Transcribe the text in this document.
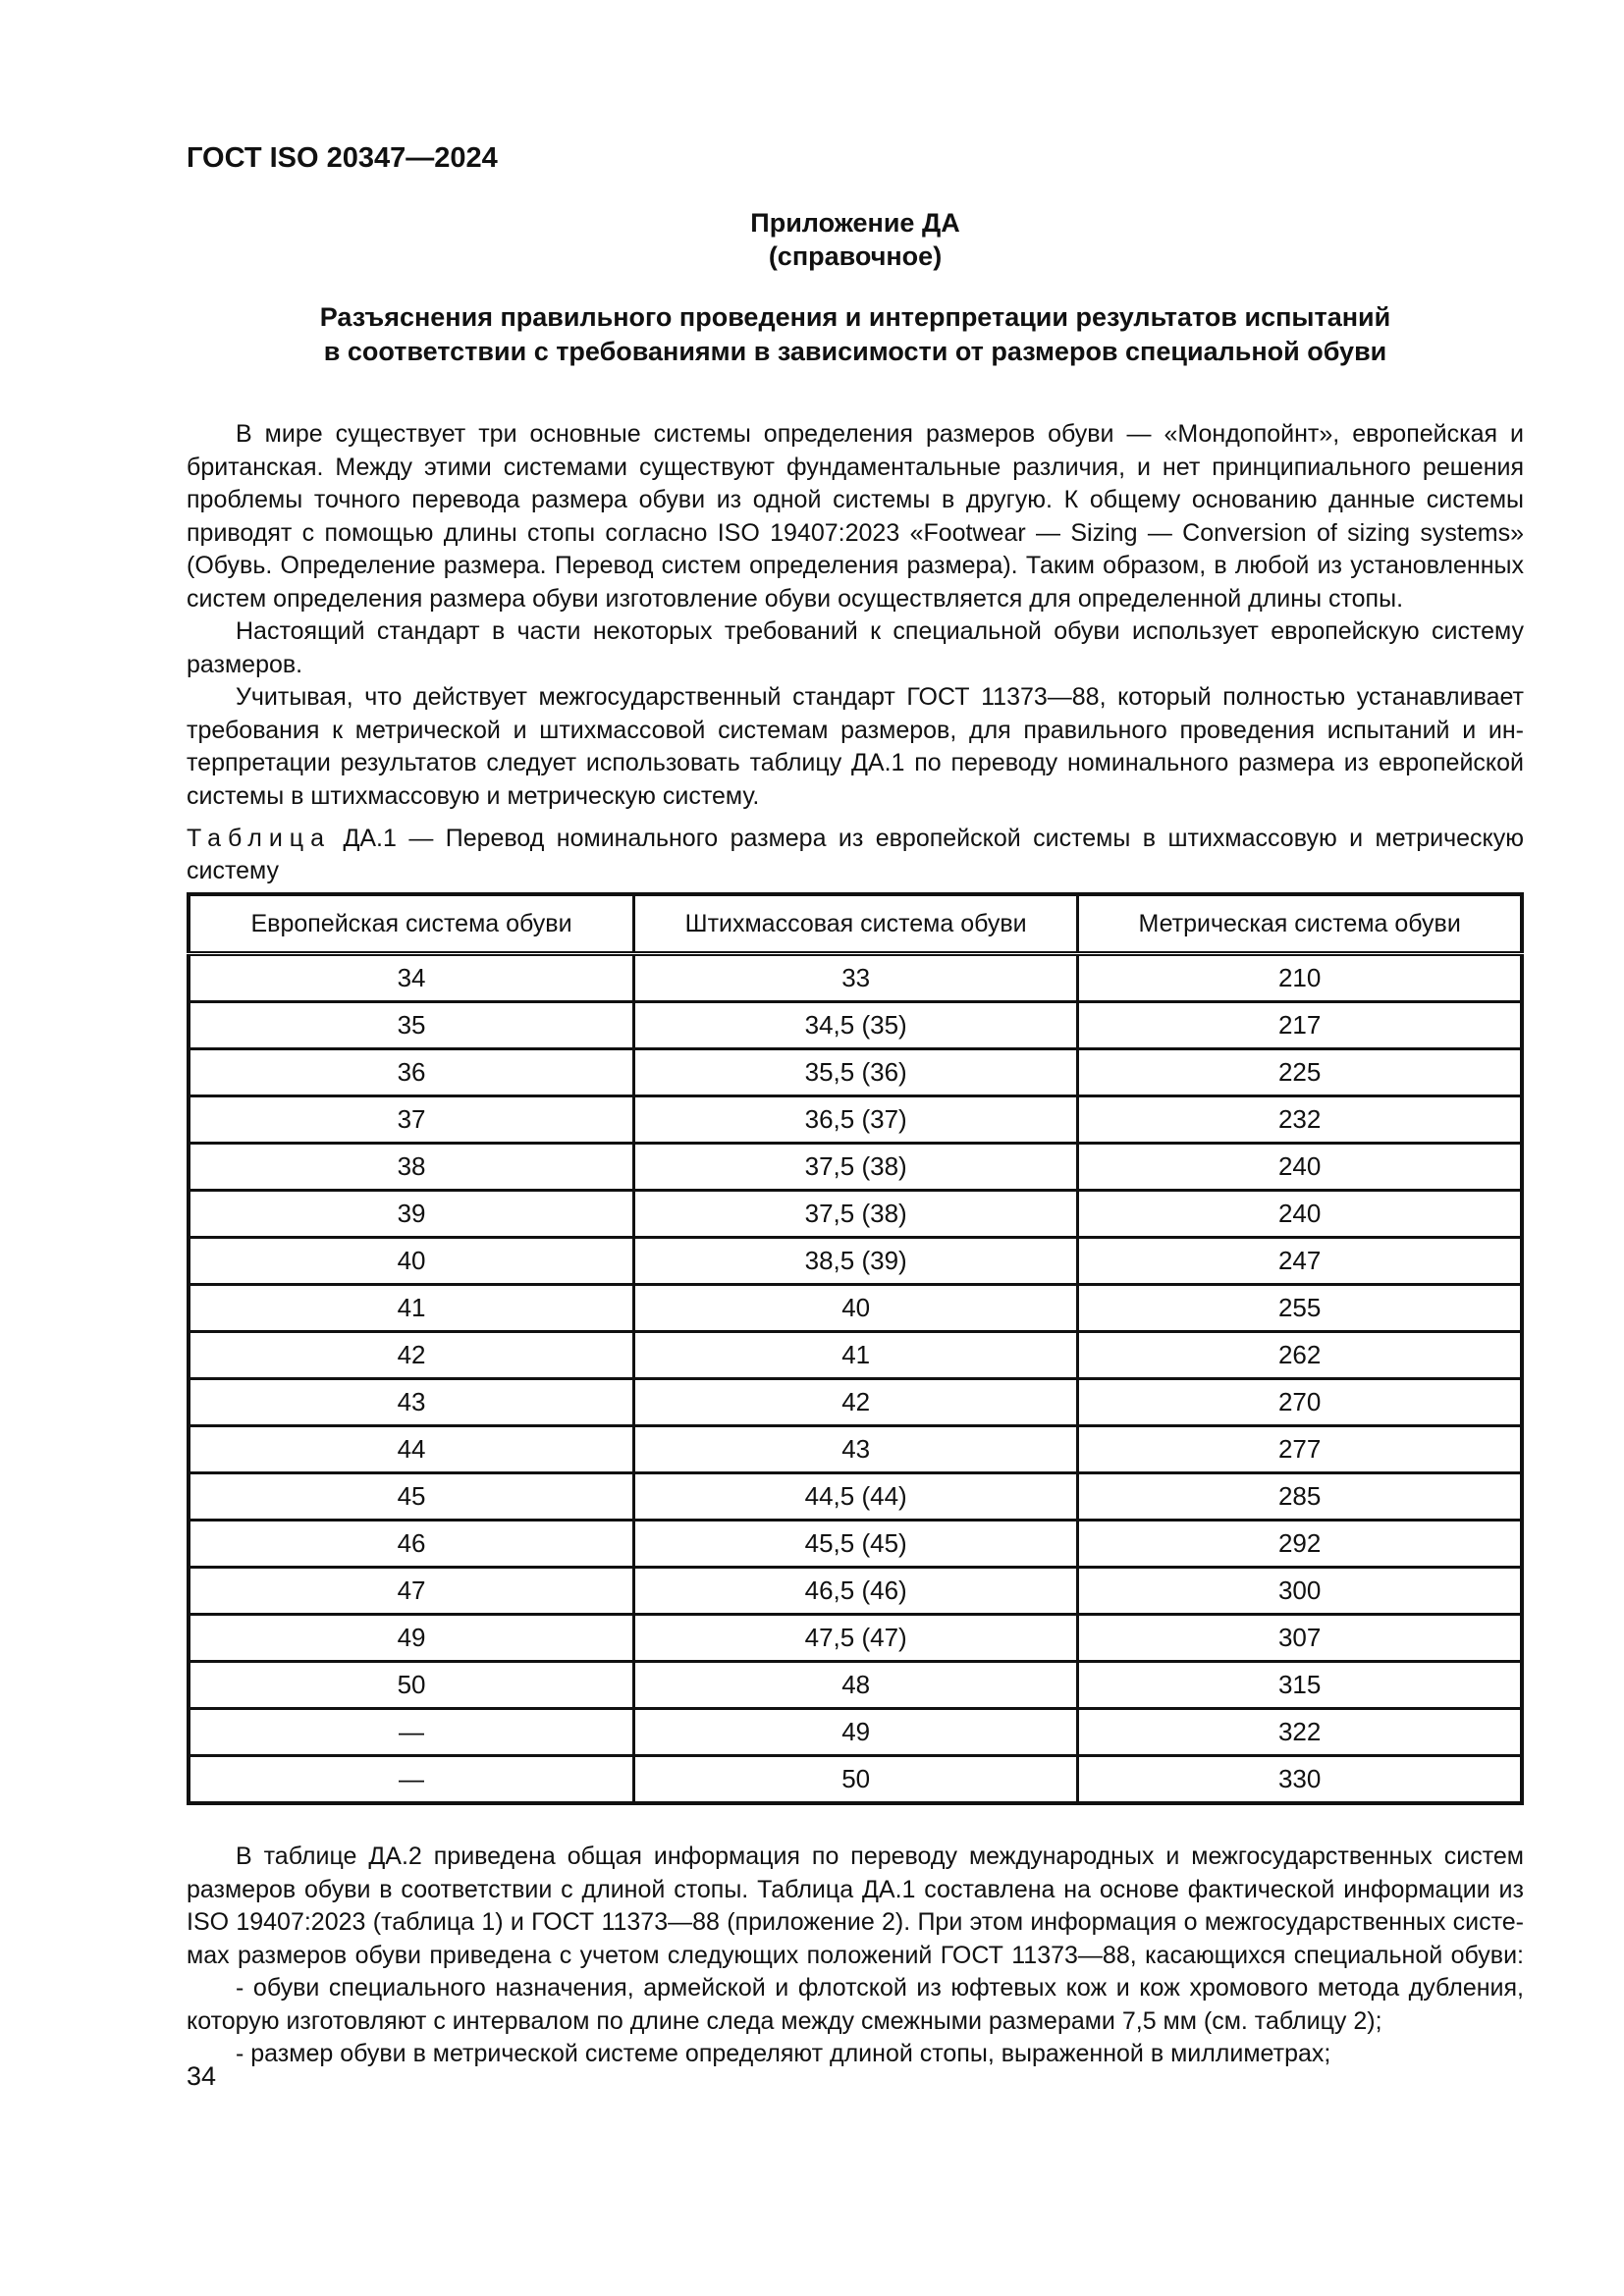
ГОСТ ISO 20347—2024
Приложение ДА
(справочное)
Разъяснения правильного проведения и интерпретации результатов испытаний
в соответствии с требованиями в зависимости от размеров специальной обуви
В мире существует три основные системы определения размеров обуви — «Мондопойнт», европейская и
британская. Между этими системами существуют фундаментальные различия, и нет принципиального решения
проблемы точного перевода размера обуви из одной системы в другую. К общему основанию данные системы
приводят с помощью длины стопы согласно ISO 19407:2023 «Footwear — Sizing — Conversion of sizing systems»
(Обувь. Определение размера. Перевод систем определения размера). Таким образом, в любой из установленных
систем определения размера обуви изготовление обуви осуществляется для определенной длины стопы.
Настоящий стандарт в части некоторых требований к специальной обуви использует европейскую систему
размеров.
Учитывая, что действует межгосударственный стандарт ГОСТ 11373—88, который полностью устанавливает
требования к метрической и штихмассовой системам размеров, для правильного проведения испытаний и ин-
терпретации результатов следует использовать таблицу ДА.1 по переводу номинального размера из европейской
системы в штихмассовую и метрическую систему.
Таблица ДА.1 — Перевод номинального размера из европейской системы в штихмассовую и метрическую систему
Европейская система обуви	Штихмассовая система обуви	Метрическая система обуви
34	33	210
35	34,5 (35)	217
36	35,5 (36)	225
37	36,5 (37)	232
38	37,5 (38)	240
39	37,5 (38)	240
40	38,5 (39)	247
41	40	255
42	41	262
43	42	270
44	43	277
45	44,5 (44)	285
46	45,5 (45)	292
47	46,5 (46)	300
49	47,5 (47)	307
50	48	315
—	49	322
—	50	330
В таблице ДА.2 приведена общая информация по переводу международных и межгосударственных систем
размеров обуви в соответствии с длиной стопы. Таблица ДА.1 составлена на основе фактической информации из
ISO 19407:2023 (таблица 1) и ГОСТ 11373—88 (приложение 2). При этом информация о межгосударственных систе-
мах размеров обуви приведена с учетом следующих положений ГОСТ 11373—88, касающихся специальной обуви:
- обуви специального назначения, армейской и флотской из юфтевых кож и кож хромового метода дубления,
которую изготовляют с интервалом по длине следа между смежными размерами 7,5 мм (см. таблицу 2);
- размер обуви в метрической системе определяют длиной стопы, выраженной в миллиметрах;
34
